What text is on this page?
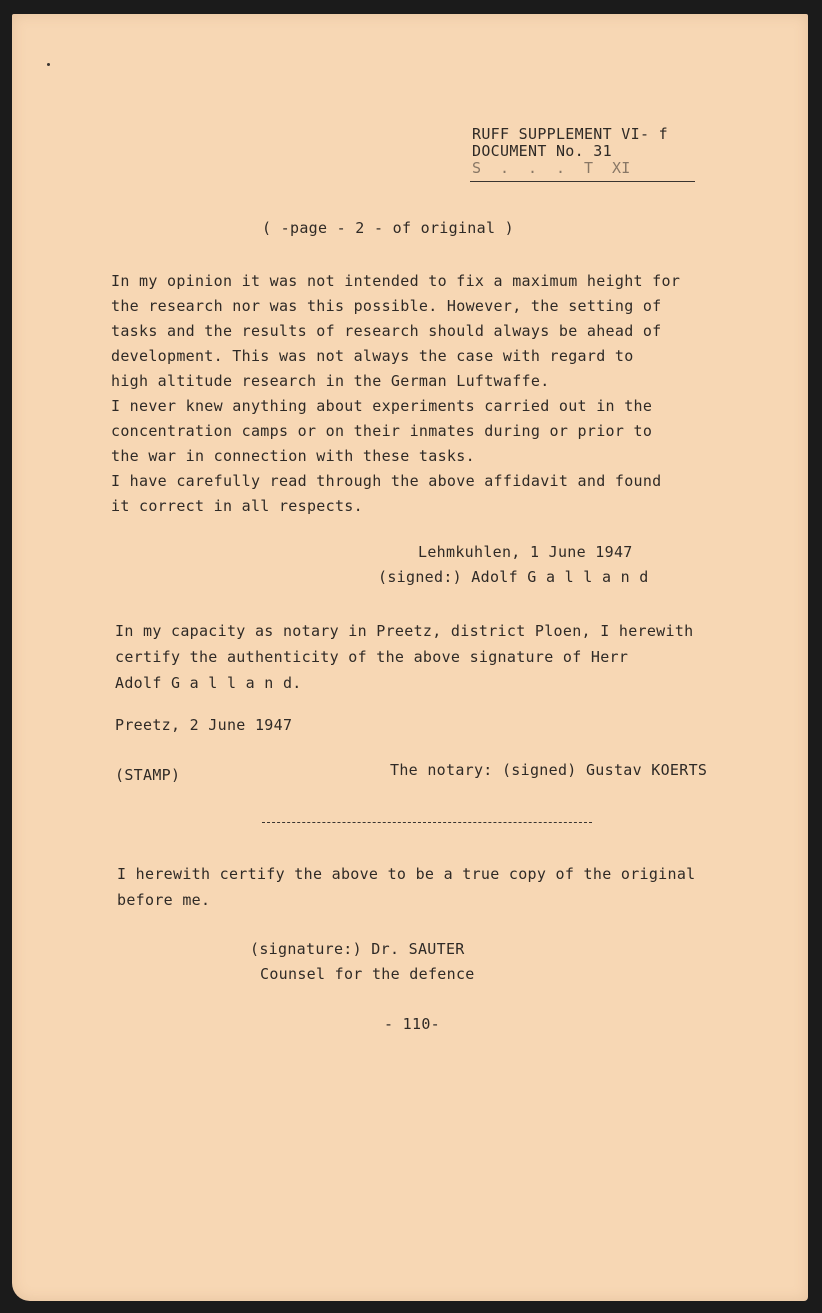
RUFF SUPPLEMENT VI- f

DOCUMENT No. 31

S  .  .  .  T  XI

( -page - 2 - of original )

In my opinion it was not intended to fix a maximum height for

the research nor was this possible. However, the setting of

tasks and the results of research should always be ahead of

development. This was not always the case with regard to

high altitude research in the German Luftwaffe.

I never knew anything about experiments carried out in the

concentration camps or on their inmates during or prior to

the war in connection with these tasks.

I have carefully read through the above affidavit and found

it correct in all respects.

Lehmkuhlen, 1 June 1947

(signed:) Adolf G a l l a n d

In my capacity as notary in Preetz, district Ploen, I herewith

certify the authenticity of the above signature of Herr

Adolf G a l l a n d.

Preetz, 2 June 1947

(STAMP)	The notary: (signed) Gustav KOERTS

I herewith certify the above to be a true copy of the original

before me.

(signature:) Dr. SAUTER

Counsel for the defence

- 110-
